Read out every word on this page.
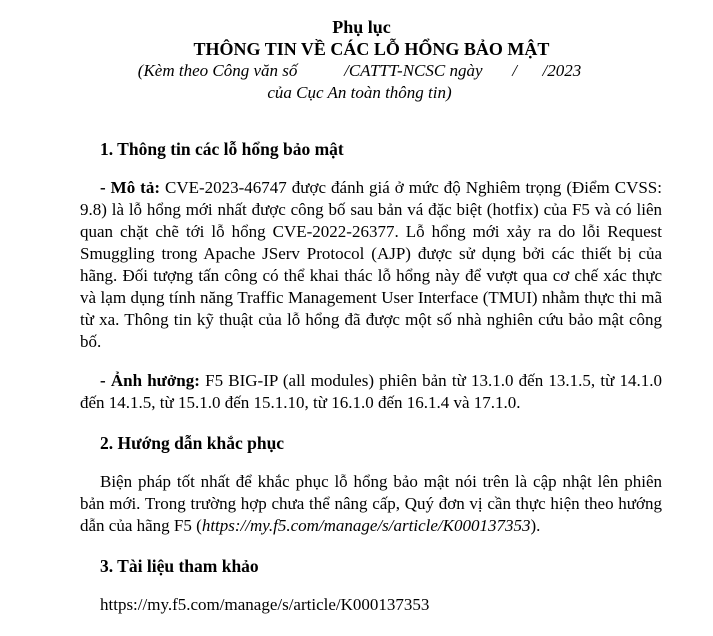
Phụ lục

THÔNG TIN VỀ CÁC LỖ HỔNG BẢO MẬT

(Kèm theo Công văn số           /CATTT-NCSC ngày       /      /2023

của Cục An toàn thông tin)

1. Thông tin các lỗ hổng bảo mật

- Mô tả: CVE-2023-46747 được đánh giá ở mức độ Nghiêm trọng (Điểm CVSS: 9.8) là lỗ hổng mới nhất được công bố sau bản vá đặc biệt (hotfix) của F5 và có liên quan chặt chẽ tới lỗ hổng CVE-2022-26377. Lỗ hổng mới xảy ra do lỗi Request Smuggling trong Apache JServ Protocol (AJP) được sử dụng bởi các thiết bị của hãng. Đối tượng tấn công có thể khai thác lỗ hổng này để vượt qua cơ chế xác thực và lạm dụng tính năng Traffic Management User Interface (TMUI) nhằm thực thi mã từ xa. Thông tin kỹ thuật của lỗ hổng đã được một số nhà nghiên cứu bảo mật công bố.

- Ảnh hưởng: F5 BIG-IP (all modules) phiên bản từ 13.1.0 đến 13.1.5, từ 14.1.0 đến 14.1.5, từ 15.1.0 đến 15.1.10, từ 16.1.0 đến 16.1.4 và 17.1.0.

2. Hướng dẫn khắc phục

Biện pháp tốt nhất để khắc phục lỗ hổng bảo mật nói trên là cập nhật lên phiên bản mới. Trong trường hợp chưa thể nâng cấp, Quý đơn vị cần thực hiện theo hướng dẫn của hãng F5 (https://my.f5.com/manage/s/article/K000137353).

3. Tài liệu tham khảo

https://my.f5.com/manage/s/article/K000137353
